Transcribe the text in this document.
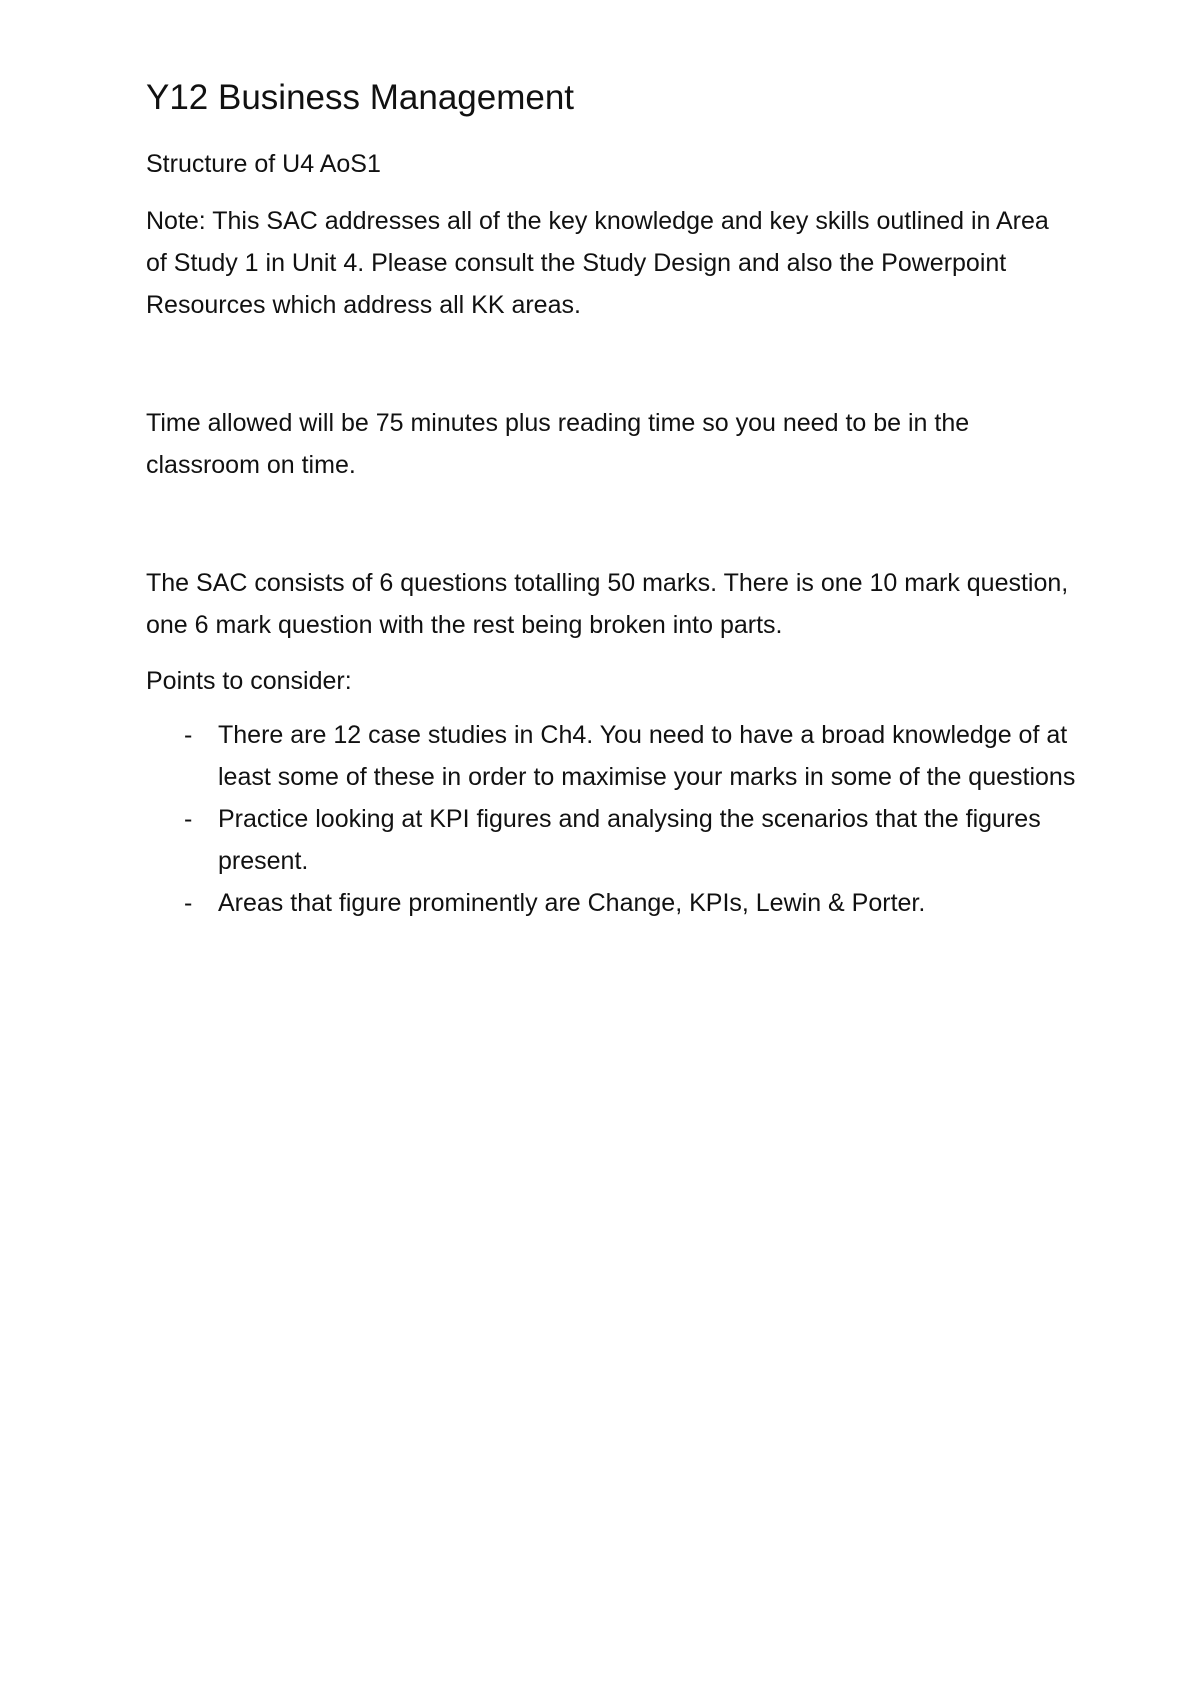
Y12 Business Management
Structure of U4 AoS1

Note: This SAC addresses all of the key knowledge and key skills outlined in Area of Study 1 in Unit 4. Please consult the Study Design and also the Powerpoint Resources which address all KK areas.

Time allowed will be 75 minutes plus reading time so you need to be in the classroom on time.

The SAC consists of 6 questions totalling 50 marks. There is one 10 mark question, one 6 mark question with the rest being broken into parts.

Points to consider:
- There are 12 case studies in Ch4. You need to have a broad knowledge of at least some of these in order to maximise your marks in some of the questions
- Practice looking at KPI figures and analysing the scenarios that the figures present.
- Areas that figure prominently are Change, KPIs, Lewin & Porter.
